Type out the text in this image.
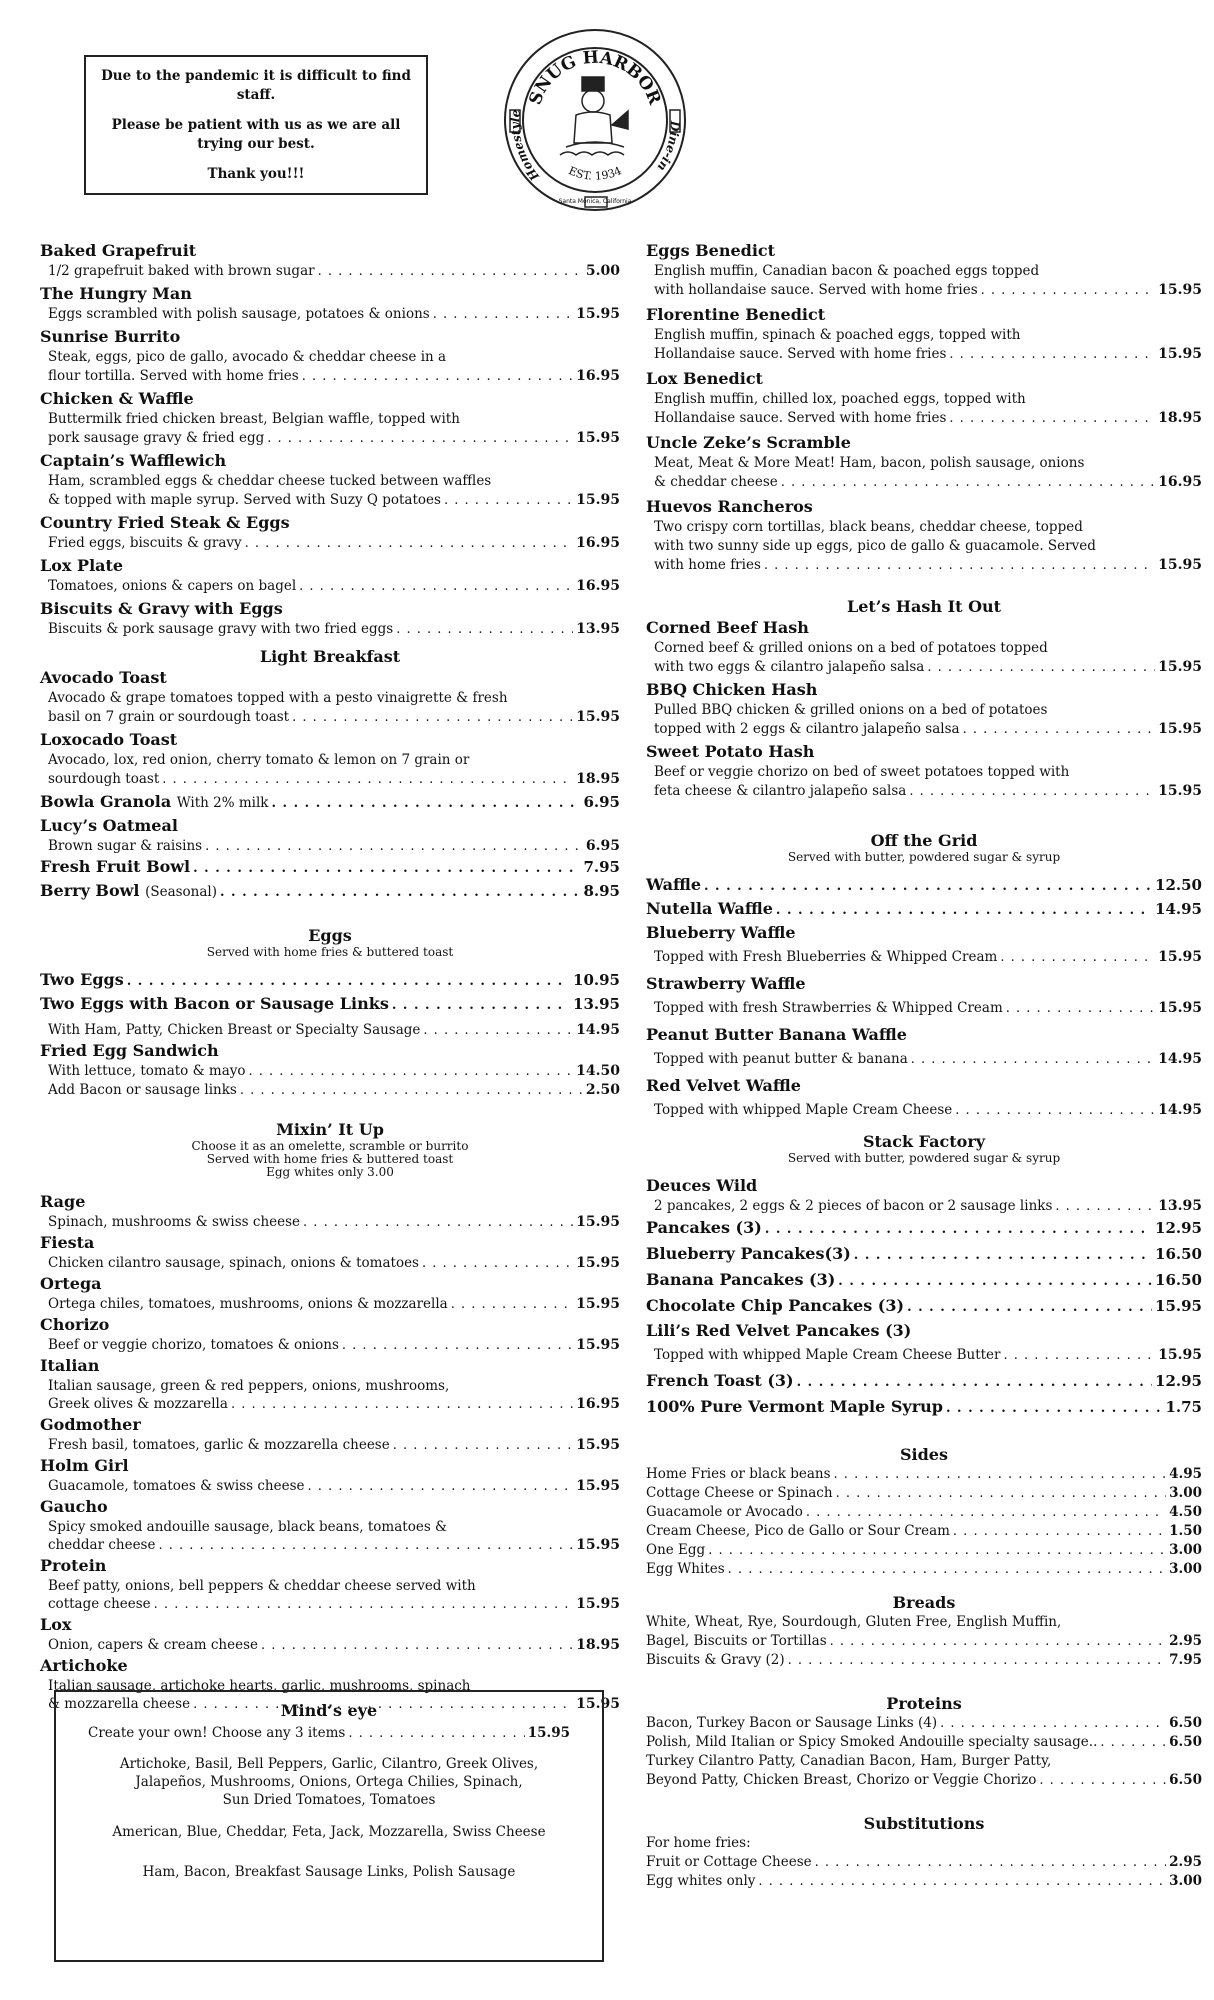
Due to the pandemic it is difficult to find staff.

Please be patient with us as we are all trying our best.

Thank you!!!

SNUG HARBOR
Homestyle
Dine-in
EST. 1934
Santa Monica, California
Baked Grapefruit
1/2 grapefruit baked with brown sugar . . .	5.00
The Hungry Man
Eggs scrambled with polish sausage, potatoes & onions . . .	15.95
Sunrise Burrito
Steak, eggs, pico de gallo, avocado & cheddar cheese in a
flour tortilla. Served with home fries . . .	16.95
Chicken & Waffle
Buttermilk fried chicken breast, Belgian waffle, topped with
pork sausage gravy & fried egg . . .	15.95
Captain’s Wafflewich
Ham, scrambled eggs & cheddar cheese tucked between waffles
& topped with maple syrup. Served with Suzy Q potatoes . . .	15.95
Country Fried Steak & Eggs
Fried eggs, biscuits & gravy . . .	16.95
Lox Plate
Tomatoes, onions & capers on bagel . . .	16.95
Biscuits & Gravy with Eggs
Biscuits & pork sausage gravy with two fried eggs . . .	13.95
Light Breakfast
Avocado Toast
Avocado & grape tomatoes topped with a pesto vinaigrette & fresh
basil on 7 grain or sourdough toast . . .	15.95
Loxocado Toast
Avocado, lox, red onion, cherry tomato & lemon on 7 grain or
sourdough toast . . .	18.95
Bowla Granola With 2% milk . . .	6.95
Lucy’s Oatmeal
Brown sugar & raisins . . .	6.95
Fresh Fruit Bowl . . .	7.95
Berry Bowl (Seasonal) . . .	8.95
Eggs
Served with home fries & buttered toast
Two Eggs . . .	10.95
Two Eggs with Bacon or Sausage Links . . .	13.95
With Ham, Patty, Chicken Breast or Specialty Sausage . . .	14.95
Fried Egg Sandwich
With lettuce, tomato & mayo . . .	14.50
Add Bacon or sausage links . . .	2.50
Mixin’ It Up
Choose it as an omelette, scramble or burrito
Served with home fries & buttered toast
Egg whites only 3.00
Rage
Spinach, mushrooms & swiss cheese . . .	15.95
Fiesta
Chicken cilantro sausage, spinach, onions & tomatoes . . .	15.95
Ortega
Ortega chiles, tomatoes, mushrooms, onions & mozzarella . . .	15.95
Chorizo
Beef or veggie chorizo, tomatoes & onions . . .	15.95
Italian
Italian sausage, green & red peppers, onions, mushrooms,
Greek olives & mozzarella . . .	16.95
Godmother
Fresh basil, tomatoes, garlic & mozzarella cheese . . .	15.95
Holm Girl
Guacamole, tomatoes & swiss cheese . . .	15.95
Gaucho
Spicy smoked andouille sausage, black beans, tomatoes &
cheddar cheese . . .	15.95
Protein
Beef patty, onions, bell peppers & cheddar cheese served with
cottage cheese . . .	15.95
Lox
Onion, capers & cream cheese . . .	18.95
Artichoke
Italian sausage, artichoke hearts, garlic, mushrooms, spinach
& mozzarella cheese . . .	15.95
Eggs Benedict
English muffin, Canadian bacon & poached eggs topped
with hollandaise sauce. Served with home fries . . .	15.95
Florentine Benedict
English muffin, spinach & poached eggs, topped with
Hollandaise sauce. Served with home fries . . .	15.95
Lox Benedict
English muffin, chilled lox, poached eggs, topped with
Hollandaise sauce. Served with home fries . . .	18.95
Uncle Zeke’s Scramble
Meat, Meat & More Meat! Ham, bacon, polish sausage, onions
& cheddar cheese . . .	16.95
Huevos Rancheros
Two crispy corn tortillas, black beans, cheddar cheese, topped
with two sunny side up eggs, pico de gallo & guacamole. Served
with home fries . . .	15.95
Let’s Hash It Out
Corned Beef Hash
Corned beef & grilled onions on a bed of potatoes topped
with two eggs & cilantro jalapeño salsa . . .	15.95
BBQ Chicken Hash
Pulled BBQ chicken & grilled onions on a bed of potatoes
topped with 2 eggs & cilantro jalapeño salsa . . .	15.95
Sweet Potato Hash
Beef or veggie chorizo on bed of sweet potatoes topped with
feta cheese & cilantro jalapeño salsa . . .	15.95
Off the Grid
Served with butter, powdered sugar & syrup
Waffle . . .	12.50
Nutella Waffle . . .	14.95
Blueberry Waffle
Topped with Fresh Blueberries & Whipped Cream . . .	15.95
Strawberry Waffle
Topped with fresh Strawberries & Whipped Cream . . .	15.95
Peanut Butter Banana Waffle
Topped with peanut butter & banana . . .	14.95
Red Velvet Waffle
Topped with whipped Maple Cream Cheese . . .	14.95
Stack Factory
Served with butter, powdered sugar & syrup
Deuces Wild
2 pancakes, 2 eggs & 2 pieces of bacon or 2 sausage links . . .	13.95
Pancakes (3) . . .	12.95
Blueberry Pancakes(3) . . .	16.50
Banana Pancakes (3) . . .	16.50
Chocolate Chip Pancakes (3) . . .	15.95
Lili’s Red Velvet Pancakes (3)
Topped with whipped Maple Cream Cheese Butter . . .	15.95
French Toast (3) . . .	12.95
100% Pure Vermont Maple Syrup . . .	1.75
Sides
Home Fries or black beans . . .	4.95
Cottage Cheese or Spinach . . .	3.00
Guacamole or Avocado . . .	4.50
Cream Cheese, Pico de Gallo or Sour Cream . . .	1.50
One Egg . . .	3.00
Egg Whites . . .	3.00
Breads
White, Wheat, Rye, Sourdough, Gluten Free, English Muffin,
Bagel, Biscuits or Tortillas . . .	2.95
Biscuits & Gravy (2) . . .	7.95
Proteins
Bacon, Turkey Bacon or Sausage Links (4) . . .	6.50
Polish, Mild Italian or Spicy Smoked Andouille specialty sausage.. . . .	6.50
Turkey Cilantro Patty, Canadian Bacon, Ham, Burger Patty,
Beyond Patty, Chicken Breast, Chorizo or Veggie Chorizo . . .	6.50
Substitutions
For home fries:
Fruit or Cottage Cheese . . .	2.95
Egg whites only . . .	3.00
Mind’s eye
Create your own! Choose any 3 items . . .	15.95

Artichoke, Basil, Bell Peppers, Garlic, Cilantro, Greek Olives,
Jalapeños, Mushrooms, Onions, Ortega Chilies, Spinach,
Sun Dried Tomatoes, Tomatoes

American, Blue, Cheddar, Feta, Jack, Mozzarella, Swiss Cheese

Ham, Bacon, Breakfast Sausage Links, Polish Sausage
